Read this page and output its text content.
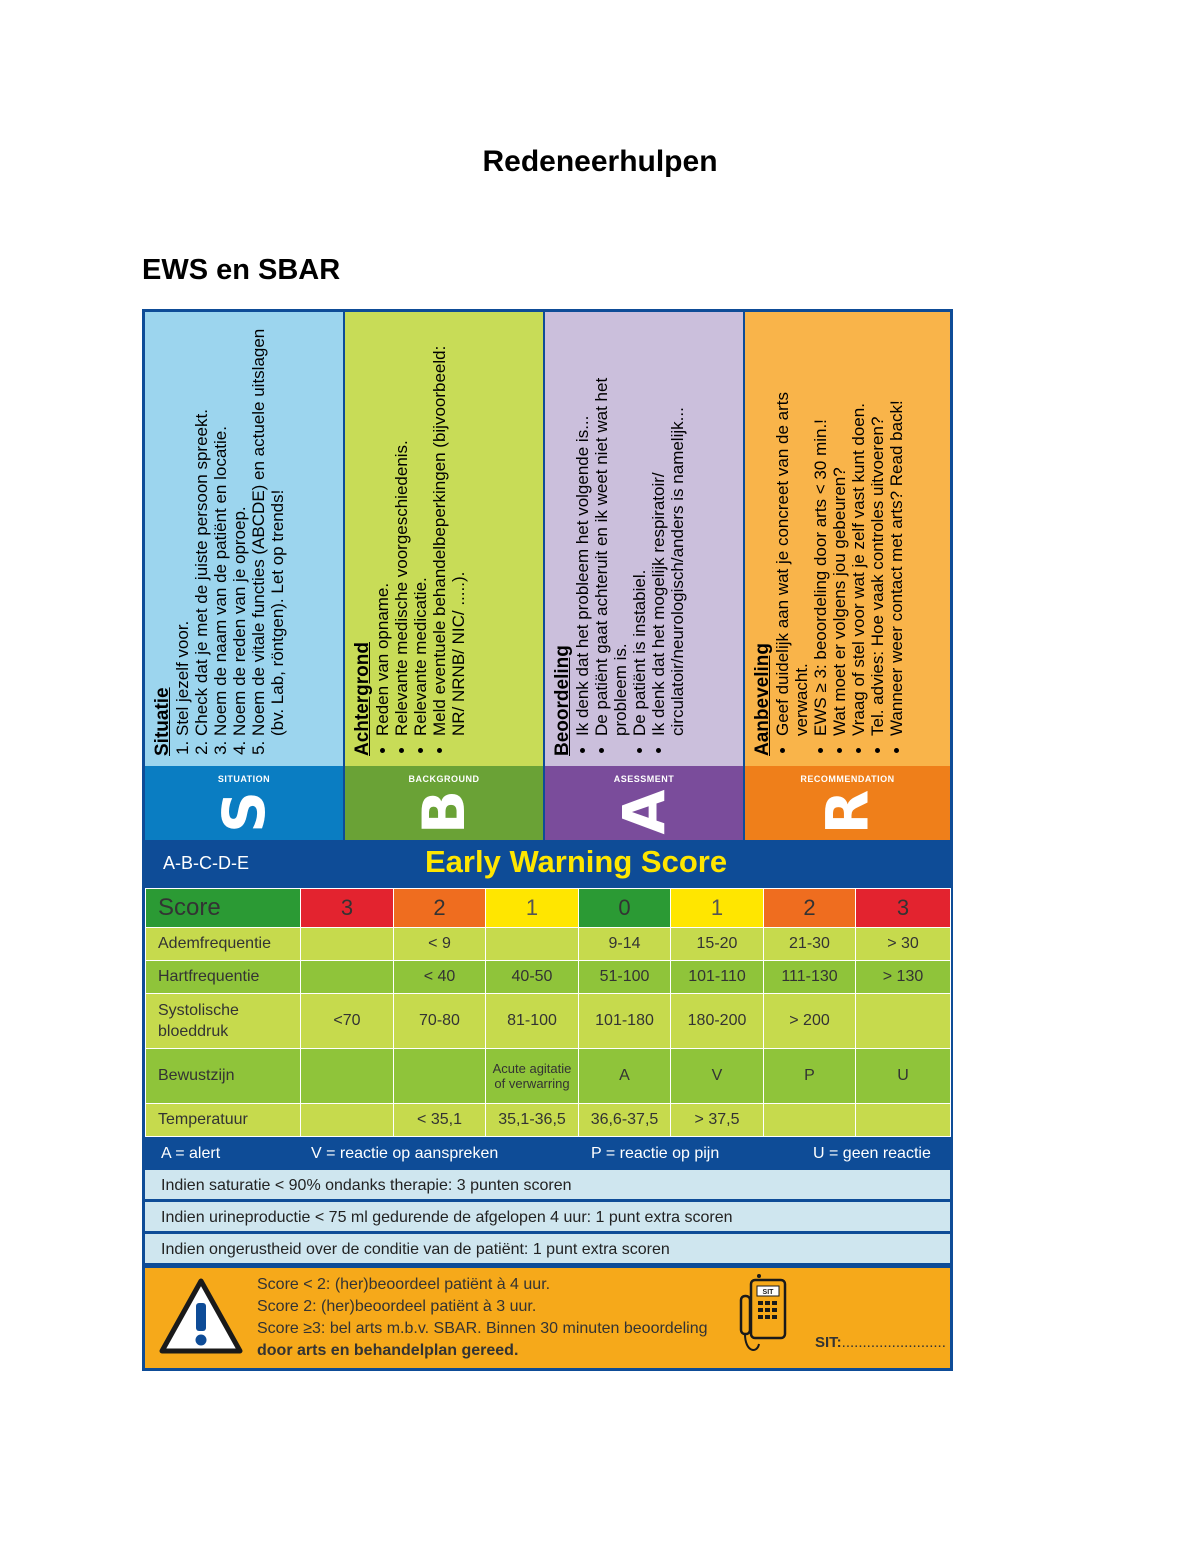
Redeneerhulpen
EWS en SBAR
Situatie 1. Stel jezelf voor. 2. Check dat je met de juiste persoon spreekt. 3. Noem de naam van de patiënt en locatie. 4. Noem de reden van je oproep. 5. Noem de vitale functies (ABCDE) en actuele uitslagen (bv. Lab, röntgen). Let op trends!
SITUATION
S
Achtergrond • Reden van opname. • Relevante medische voorgeschiedenis. • Relevante medicatie. • Meld eventuele behandelbeperkingen (bijvoorbeeld: NR/ NRNB/ NIC/ .....).
BACKGROUND
B
Beoordeling • Ik denk dat het probleem het volgende is... • De patiënt gaat achteruit en ik weet niet wat het probleem is. • De patiënt is instabiel. • Ik denk dat het mogelijk respiratoir/ circulatoir/neurologisch/anders is namelijk...
ASESSMENT
A
Aanbeveling • Geef duidelijk aan wat je concreet van de arts verwacht. • EWS ≥ 3: beoordeling door arts < 30 min.! • Wat moet er volgens jou gebeuren? • Vraag of stel voor wat je zelf vast kunt doen. • Tel. advies: Hoe vaak controles uitvoeren? • Wanneer weer contact met arts? Read back!
RECOMMENDATION
R
A-B-C-D-E	Early Warning Score
Score	3	2	1	0	1	2	3
Ademfrequentie		< 9		9-14	15-20	21-30	> 30
Hartfrequentie		< 40	40-50	51-100	101-110	111-130	> 130
Systolische bloeddruk	<70	70-80	81-100	101-180	180-200	> 200	
Bewustzijn			Acute agitatie of verwarring	A	V	P	U
Temperatuur		< 35,1	35,1-36,5	36,6-37,5	> 37,5		
A = alert	V = reactie op aanspreken	P = reactie op pijn	U = geen reactie
Indien saturatie < 90% ondanks therapie: 3 punten scoren
Indien urineproductie < 75 ml gedurende de afgelopen 4 uur: 1 punt extra scoren
Indien ongerustheid over de conditie van de patiënt: 1 punt extra scoren
Score < 2: (her)beoordeel patiënt à 4 uur.
Score 2: (her)beoordeel patiënt à 3 uur.
Score ≥3: bel arts m.b.v. SBAR. Binnen 30 minuten beoordeling
door arts en behandelplan gereed.
SIT
SIT:.........................
